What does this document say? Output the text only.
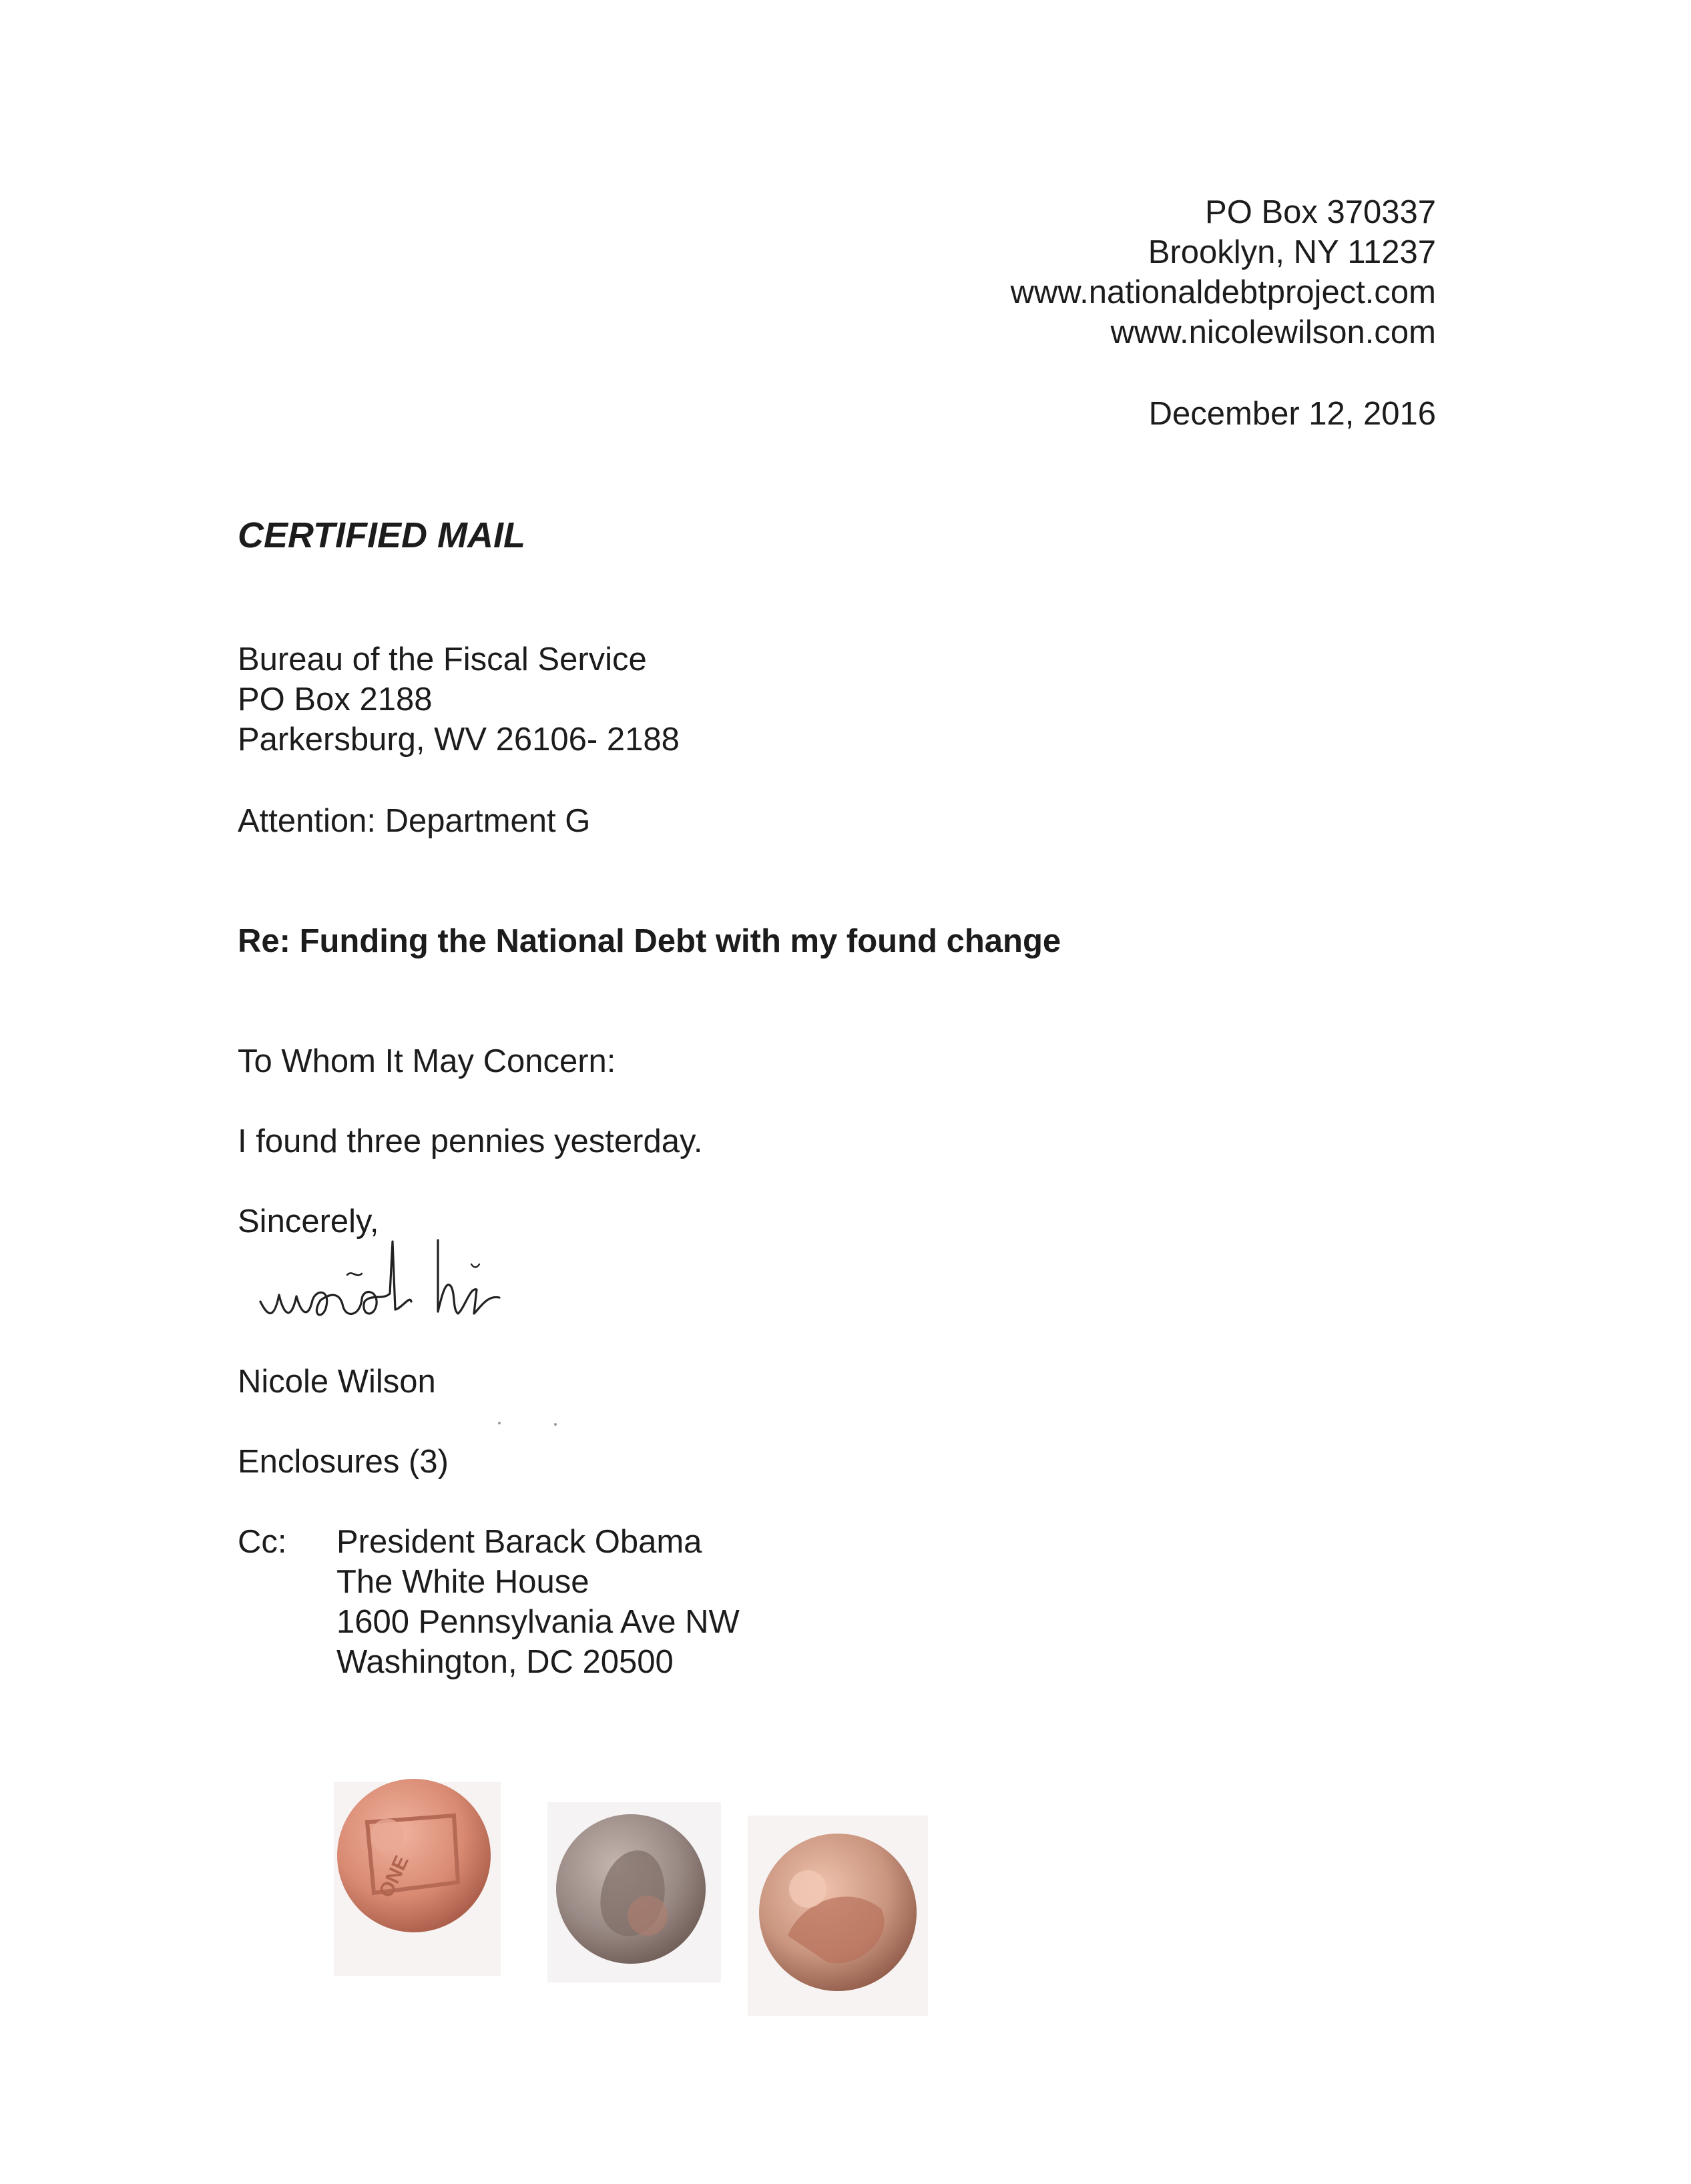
PO Box 370337
Brooklyn, NY 11237
www.nationaldebtproject.com
www.nicolewilson.com
December 12, 2016
CERTIFIED MAIL
Bureau of the Fiscal Service
PO Box 2188
Parkersburg, WV 26106- 2188
Attention: Department G
Re: Funding the National Debt with my found change
To Whom It May Concern:
I found three pennies yesterday.
Sincerely,
Nicole Wilson
Enclosures (3)
Cc: President Barack Obama
The White House
1600 Pennsylvania Ave NW
Washington, DC 20500
ONE
